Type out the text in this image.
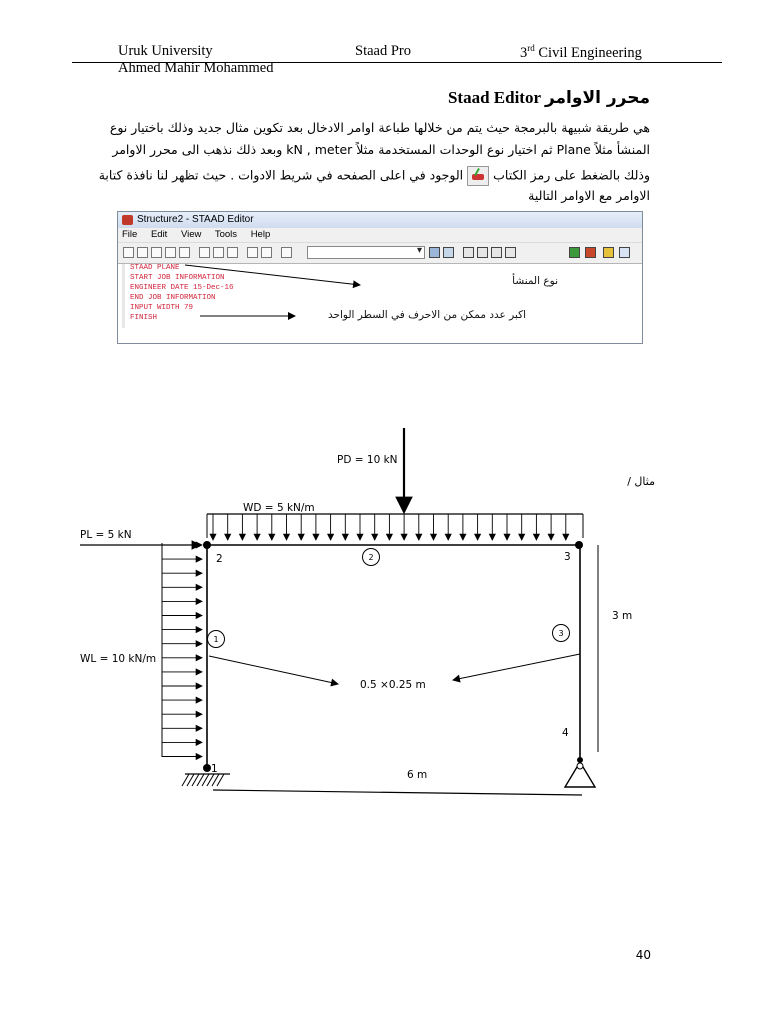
Uruk University	Staad Pro	3rd Civil Engineering
Ahmed Mahir Mohammed
Staad Editor محرر الاوامر
هي طريقة شبيهة بالبرمجة حيث يتم من خلالها طباعة اوامر الادخال بعد تكوين مثال جديد وذلك باختيار نوع
المنشأ مثلاً Plane ثم اختيار نوع الوحدات المستخدمة مثلاً kN , meter وبعد ذلك نذهب الى محرر الاوامر
وذلك بالضغط على رمز الكتابالوجود في اعلى الصفحه في شريط الادوات . حيث تظهر لنا نافذة كتابة
الاوامر مع الاوامر التالية
Structure2 - STAAD Editor
File Edit View Tools Help
▾
STAAD PLANE
START JOB INFORMATION
ENGINEER DATE 15-Dec-16
END JOB INFORMATION
INPUT WIDTH 79
FINISH
نوع المنشأ
اكبر عدد ممكن من الاحرف في السطر الواحد
PD = 10 kN
WD = 5 kN/m
PL = 5 kN
WL = 10 kN/m
2	3
4
1
1
2
3
0.5 ×0.25 m
3 m
6 m
مثال /
40
